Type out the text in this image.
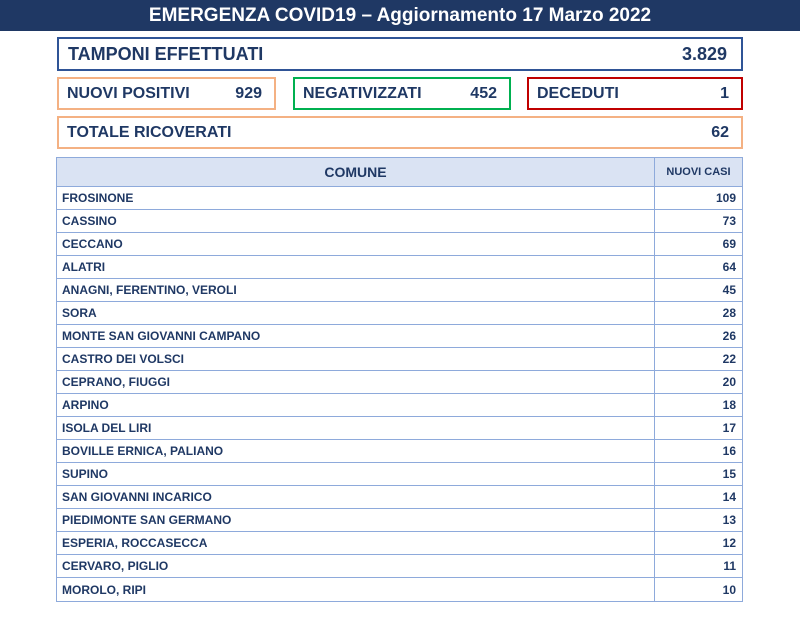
EMERGENZA COVID19 – Aggiornamento 17 Marzo 2022
TAMPONI EFFETTUATI	3.829
NUOVI POSITIVI	929	NEGATIVIZZATI	452	DECEDUTI	1
TOTALE RICOVERATI	62
COMUNE	NUOVI CASI
FROSINONE	109
CASSINO	73
CECCANO	69
ALATRI	64
ANAGNI, FERENTINO, VEROLI	45
SORA	28
MONTE SAN GIOVANNI CAMPANO	26
CASTRO DEI VOLSCI	22
CEPRANO, FIUGGI	20
ARPINO	18
ISOLA DEL LIRI	17
BOVILLE ERNICA, PALIANO	16
SUPINO	15
SAN GIOVANNI INCARICO	14
PIEDIMONTE SAN GERMANO	13
ESPERIA, ROCCASECCA	12
CERVARO, PIGLIO	11
MOROLO, RIPI	10
